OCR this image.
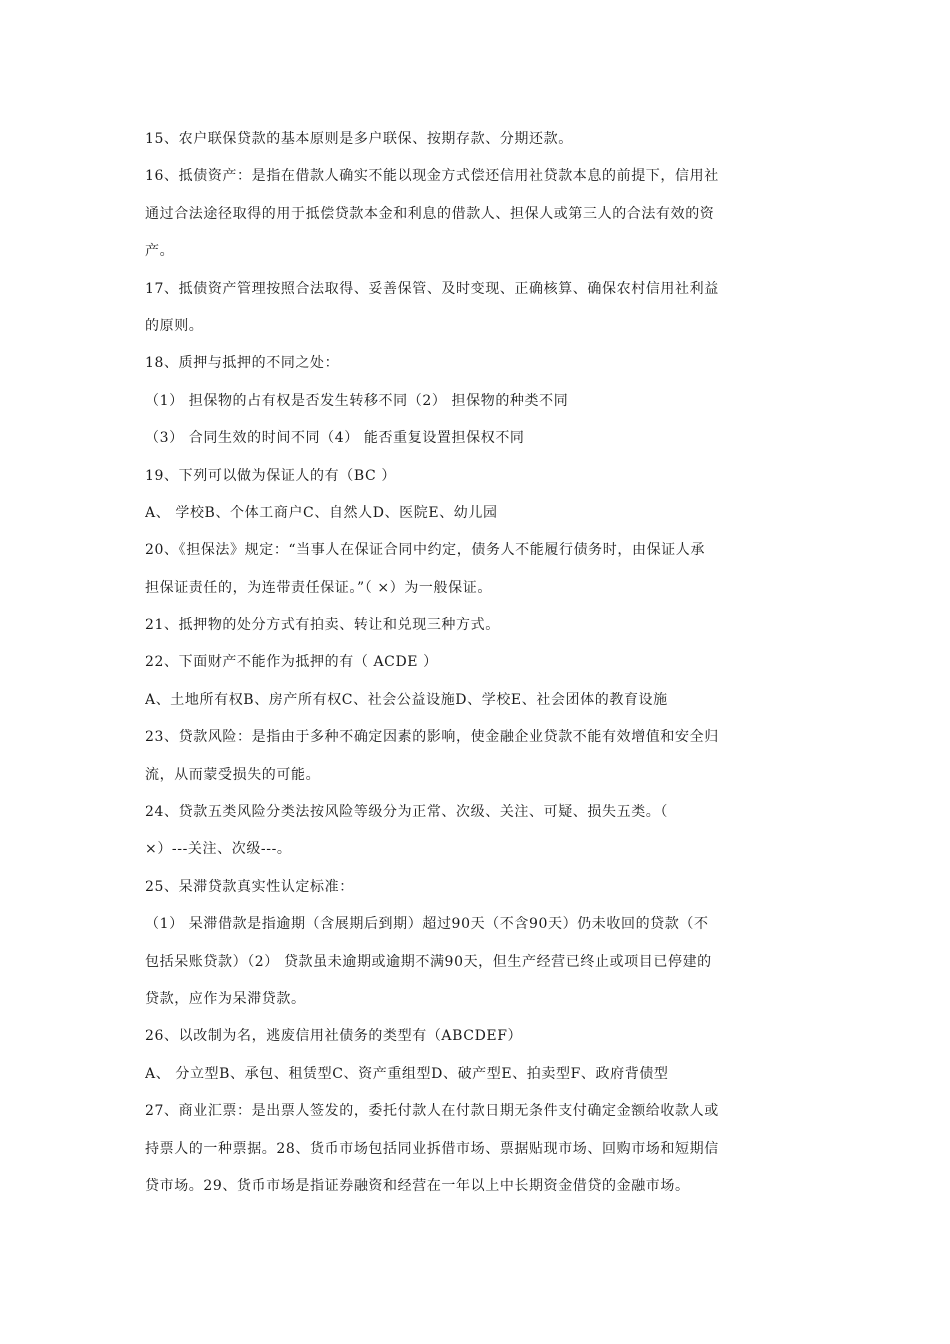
15、农户联保贷款的基本原则是多户联保、按期存款、分期还款。
16、抵债资产：是指在借款人确实不能以现金方式偿还信用社贷款本息的前提下，信用社
通过合法途径取得的用于抵偿贷款本金和利息的借款人、担保人或第三人的合法有效的资
产。
17、抵债资产管理按照合法取得、妥善保管、及时变现、正确核算、确保农村信用社利益
的原则。
18、质押与抵押的不同之处：
（1） 担保物的占有权是否发生转移不同（2） 担保物的种类不同
（3） 合同生效的时间不同（4） 能否重复设置担保权不同
19、下列可以做为保证人的有（BC ）
A、 学校B、个体工商户C、自然人D、医院E、幼儿园
20、《担保法》规定：“当事人在保证合同中约定，债务人不能履行债务时，由保证人承
担保证责任的，为连带责任保证。”（ ×）为一般保证。
21、抵押物的处分方式有拍卖、转让和兑现三种方式。
22、下面财产不能作为抵押的有（ ACDE ）
A、土地所有权B、房产所有权C、社会公益设施D、学校E、社会团体的教育设施
23、贷款风险：是指由于多种不确定因素的影响，使金融企业贷款不能有效增值和安全归
流，从而蒙受损失的可能。
24、贷款五类风险分类法按风险等级分为正常、次级、关注、可疑、损失五类。（
×）---关注、次级---。
25、呆滞贷款真实性认定标准：
（1） 呆滞借款是指逾期（含展期后到期）超过90天（不含90天）仍未收回的贷款（不
包括呆账贷款）（2） 贷款虽未逾期或逾期不满90天，但生产经营已终止或项目已停建的
贷款，应作为呆滞贷款。
26、以改制为名，逃废信用社债务的类型有（ABCDEF）
A、 分立型B、承包、租赁型C、资产重组型D、破产型E、拍卖型F、政府背债型
27、商业汇票：是出票人签发的，委托付款人在付款日期无条件支付确定金额给收款人或
持票人的一种票据。28、货币市场包括同业拆借市场、票据贴现市场、回购市场和短期信
贷市场。29、货币市场是指证券融资和经营在一年以上中长期资金借贷的金融市场。
